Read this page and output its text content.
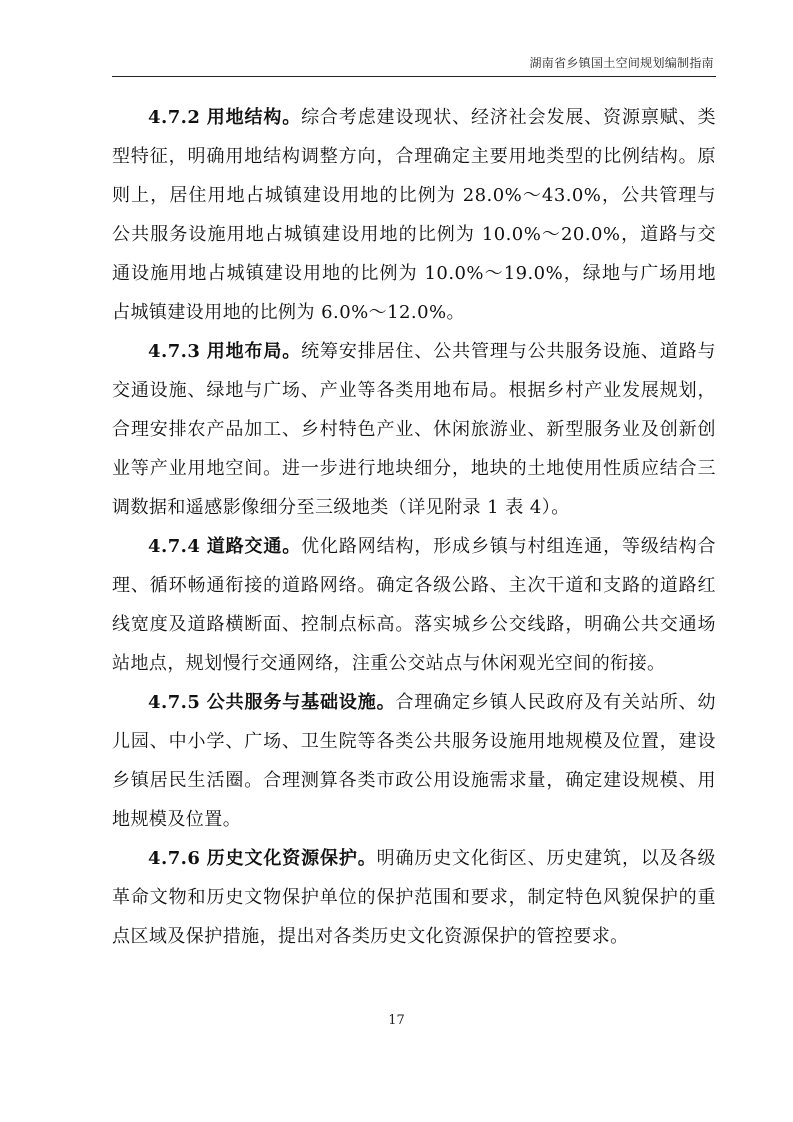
湖南省乡镇国土空间规划编制指南

4.7.2 用地结构。综合考虑建设现状、经济社会发展、资源禀赋、类型特征，明确用地结构调整方向，合理确定主要用地类型的比例结构。原则上，居住用地占城镇建设用地的比例为 28.0%～43.0%，公共管理与公共服务设施用地占城镇建设用地的比例为 10.0%～20.0%，道路与交通设施用地占城镇建设用地的比例为 10.0%～19.0%，绿地与广场用地占城镇建设用地的比例为 6.0%～12.0%。

4.7.3 用地布局。统筹安排居住、公共管理与公共服务设施、道路与交通设施、绿地与广场、产业等各类用地布局。根据乡村产业发展规划，合理安排农产品加工、乡村特色产业、休闲旅游业、新型服务业及创新创业等产业用地空间。进一步进行地块细分，地块的土地使用性质应结合三调数据和遥感影像细分至三级地类（详见附录 1 表 4）。

4.7.4 道路交通。优化路网结构，形成乡镇与村组连通，等级结构合理、循环畅通衔接的道路网络。确定各级公路、主次干道和支路的道路红线宽度及道路横断面、控制点标高。落实城乡公交线路，明确公共交通场站地点，规划慢行交通网络，注重公交站点与休闲观光空间的衔接。

4.7.5 公共服务与基础设施。合理确定乡镇人民政府及有关站所、幼儿园、中小学、广场、卫生院等各类公共服务设施用地规模及位置，建设乡镇居民生活圈。合理测算各类市政公用设施需求量，确定建设规模、用地规模及位置。

4.7.6 历史文化资源保护。明确历史文化街区、历史建筑，以及各级革命文物和历史文物保护单位的保护范围和要求，制定特色风貌保护的重点区域及保护措施，提出对各类历史文化资源保护的管控要求。

17
